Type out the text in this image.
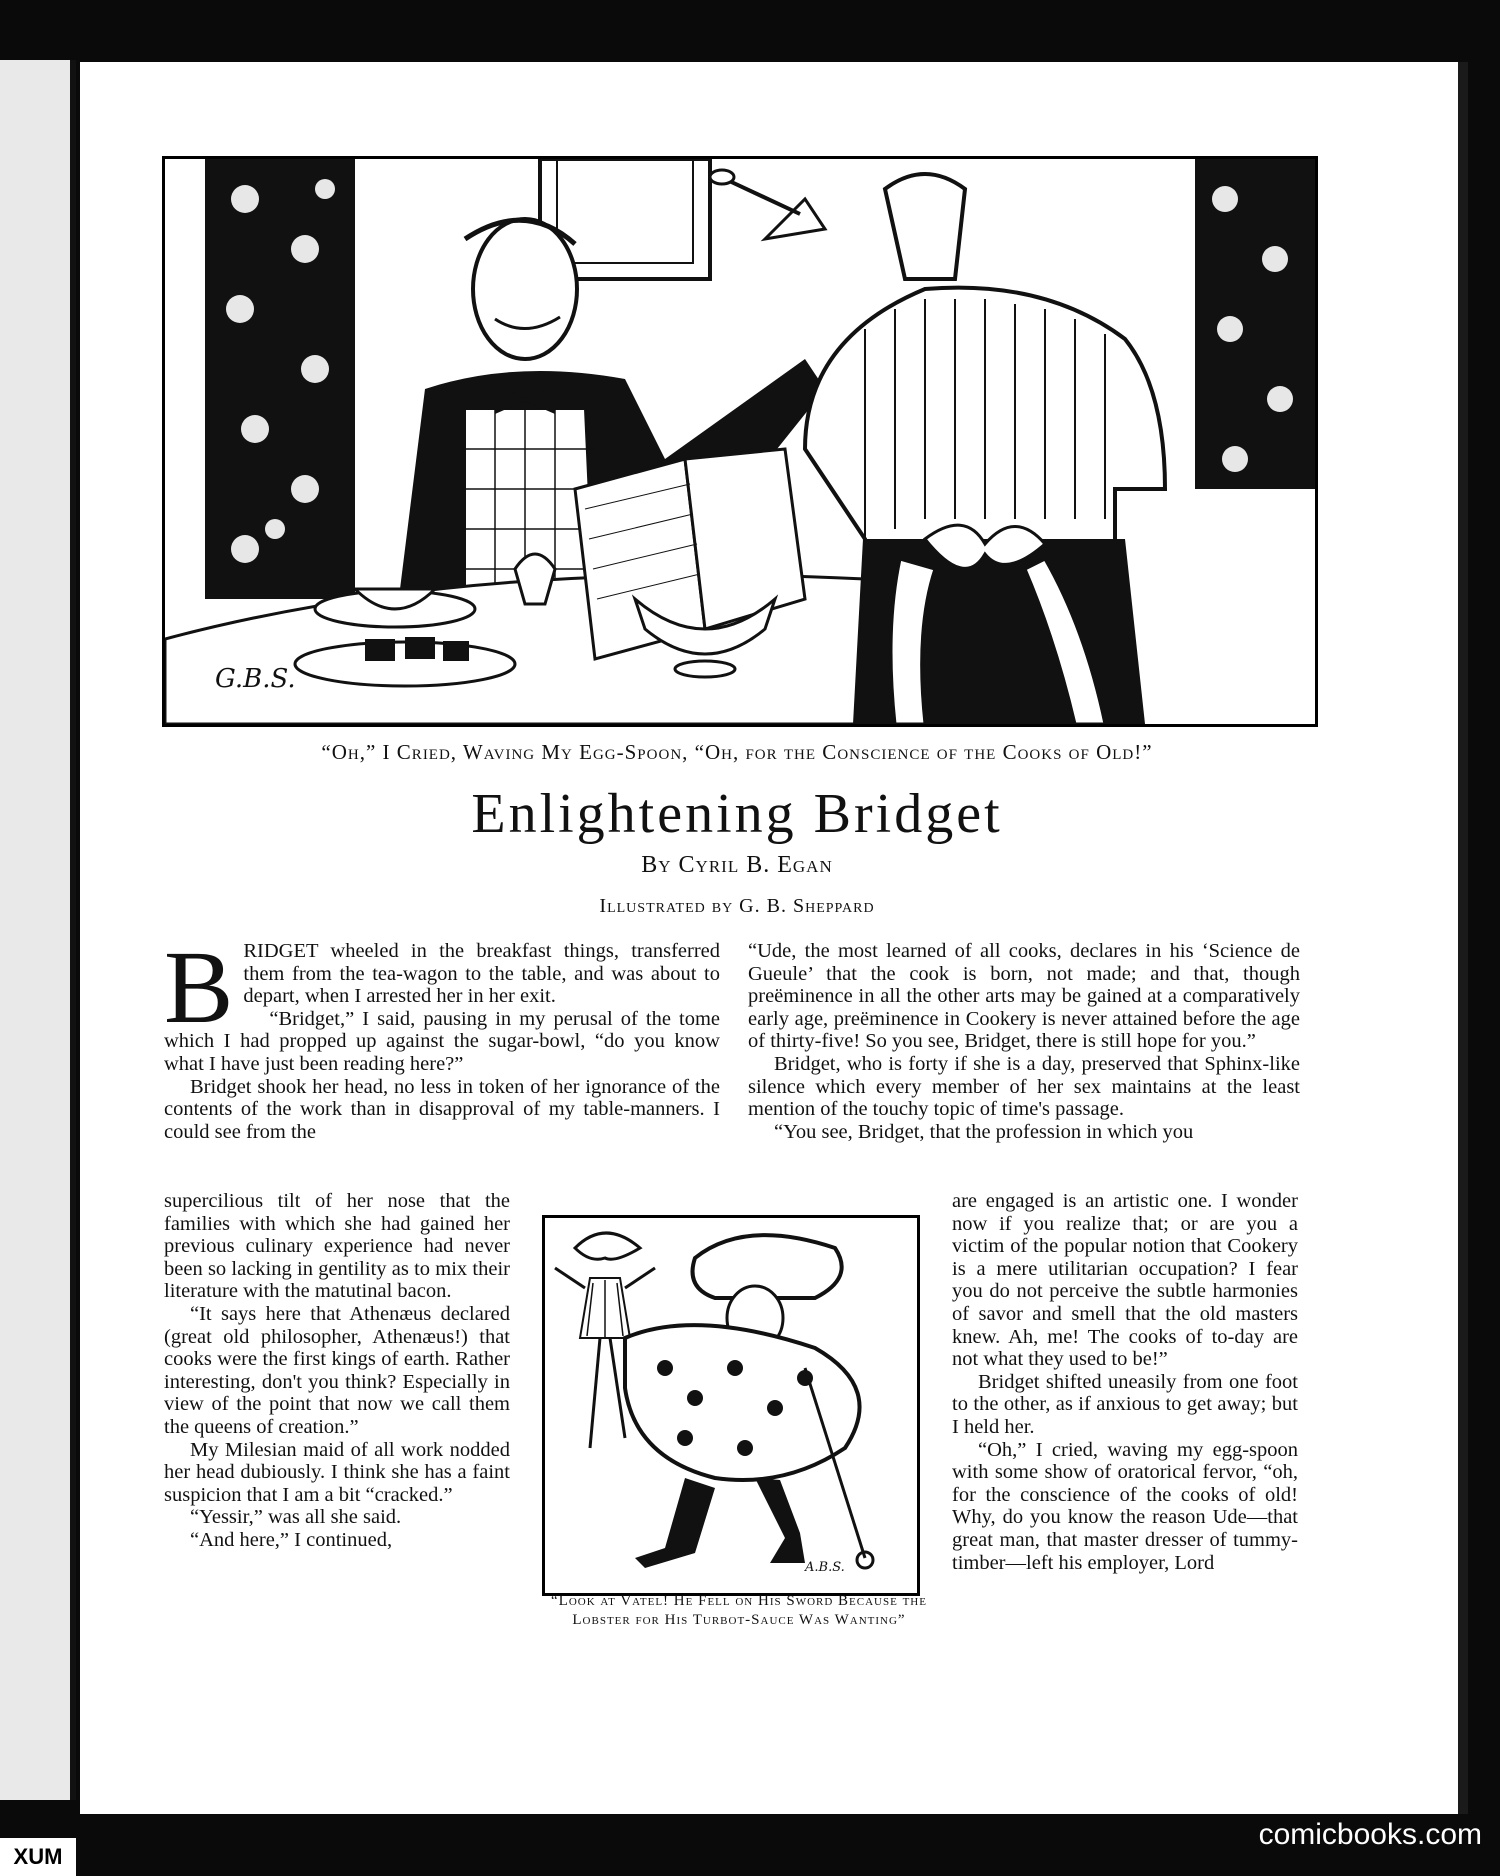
G.B.S.
“Oh,” I Cried, Waving My Egg-Spoon, “Oh, for the Conscience of the Cooks of Old!”
Enlightening Bridget
By Cyril B. Egan
Illustrated by G. B. Sheppard
B RIDGET wheeled in the breakfast things, transferred them from the tea-wagon to the table, and was about to depart, when I arrested her in her exit.

“Bridget,” I said, pausing in my perusal of the tome which I had propped up against the sugar-bowl, “do you know what I have just been reading here?”

Bridget shook her head, no less in token of her ignorance of the contents of the work than in disapproval of my table-manners. I could see from the

supercilious tilt of her nose that the families with which she had gained her previous culinary experience had never been so lacking in gentility as to mix their literature with the matutinal bacon.

“It says here that Athenæus declared (great old philosopher, Athenæus!) that cooks were the first kings of earth. Rather interesting, don't you think? Especially in view of the point that now we call them the queens of creation.”

My Milesian maid of all work nodded her head dubiously. I think she has a faint suspicion that I am a bit “cracked.”

“Yessir,” was all she said.

“And here,” I continued,

“Ude, the most learned of all cooks, declares in his ‘Science de Gueule’ that the cook is born, not made; and that, though preëminence in all the other arts may be gained at a comparatively early age, preëminence in Cookery is never attained before the age of thirty-five! So you see, Bridget, there is still hope for you.”

Bridget, who is forty if she is a day, preserved that Sphinx-like silence which every member of her sex maintains at the least mention of the touchy topic of time's passage.

“You see, Bridget, that the profession in which you

are engaged is an artistic one. I wonder now if you realize that; or are you a victim of the popular notion that Cookery is a mere utilitarian occupation? I fear you do not perceive the subtle harmonies of savor and smell that the old masters knew. Ah, me! The cooks of to-day are not what they used to be!”

Bridget shifted uneasily from one foot to the other, as if anxious to get away; but I held her.

“Oh,” I cried, waving my egg-spoon with some show of oratorical fervor, “oh, for the conscience of the cooks of old! Why, do you know the reason Ude—that great man, that master dresser of tummy-timber—left his employer, Lord

A.B.S.
“Look at Vatel! He Fell on His Sword Because the Lobster for His Turbot-Sauce Was Wanting”
XUM
comicbooks.com
